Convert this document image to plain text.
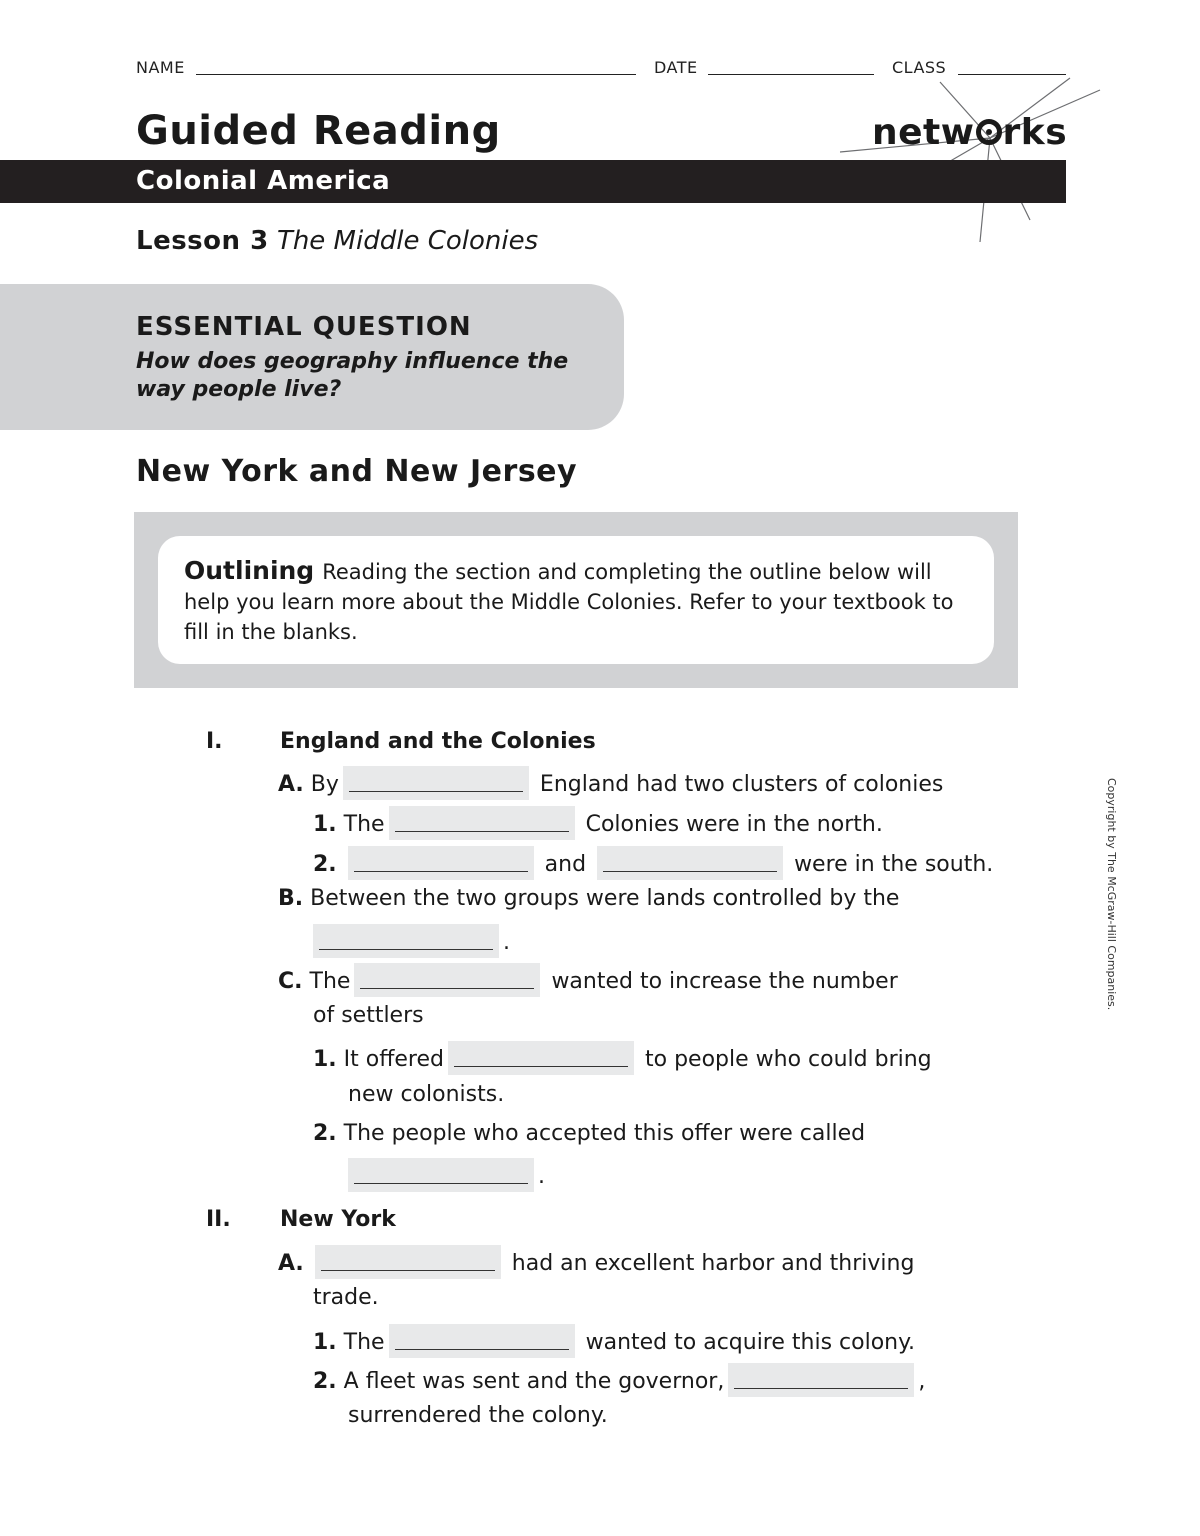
NAME	DATE	CLASS
Guided Reading	netw rks
Colonial America
Lesson 3 The Middle Colonies
ESSENTIAL QUESTION
How does geography influence the way people live?
New York and New Jersey
Outlining Reading the section and completing the outline below will help you learn more about the Middle Colonies. Refer to your textbook to fill in the blanks.
I.	England and the Colonies
A. By	England had two clusters of colonies
1. The	Colonies were in the north.
2.	and	were in the south.
B. Between the two groups were lands controlled by the
.
C. The	wanted to increase the number
of settlers
1. It offered	to people who could bring
new colonists.
2. The people who accepted this offer were called
.
II. New York
A.	had an excellent harbor and thriving
trade.
1. The	wanted to acquire this colony.
2. A fleet was sent and the governor,	,
surrendered the colony.
Copyright by The McGraw-Hill Companies.
